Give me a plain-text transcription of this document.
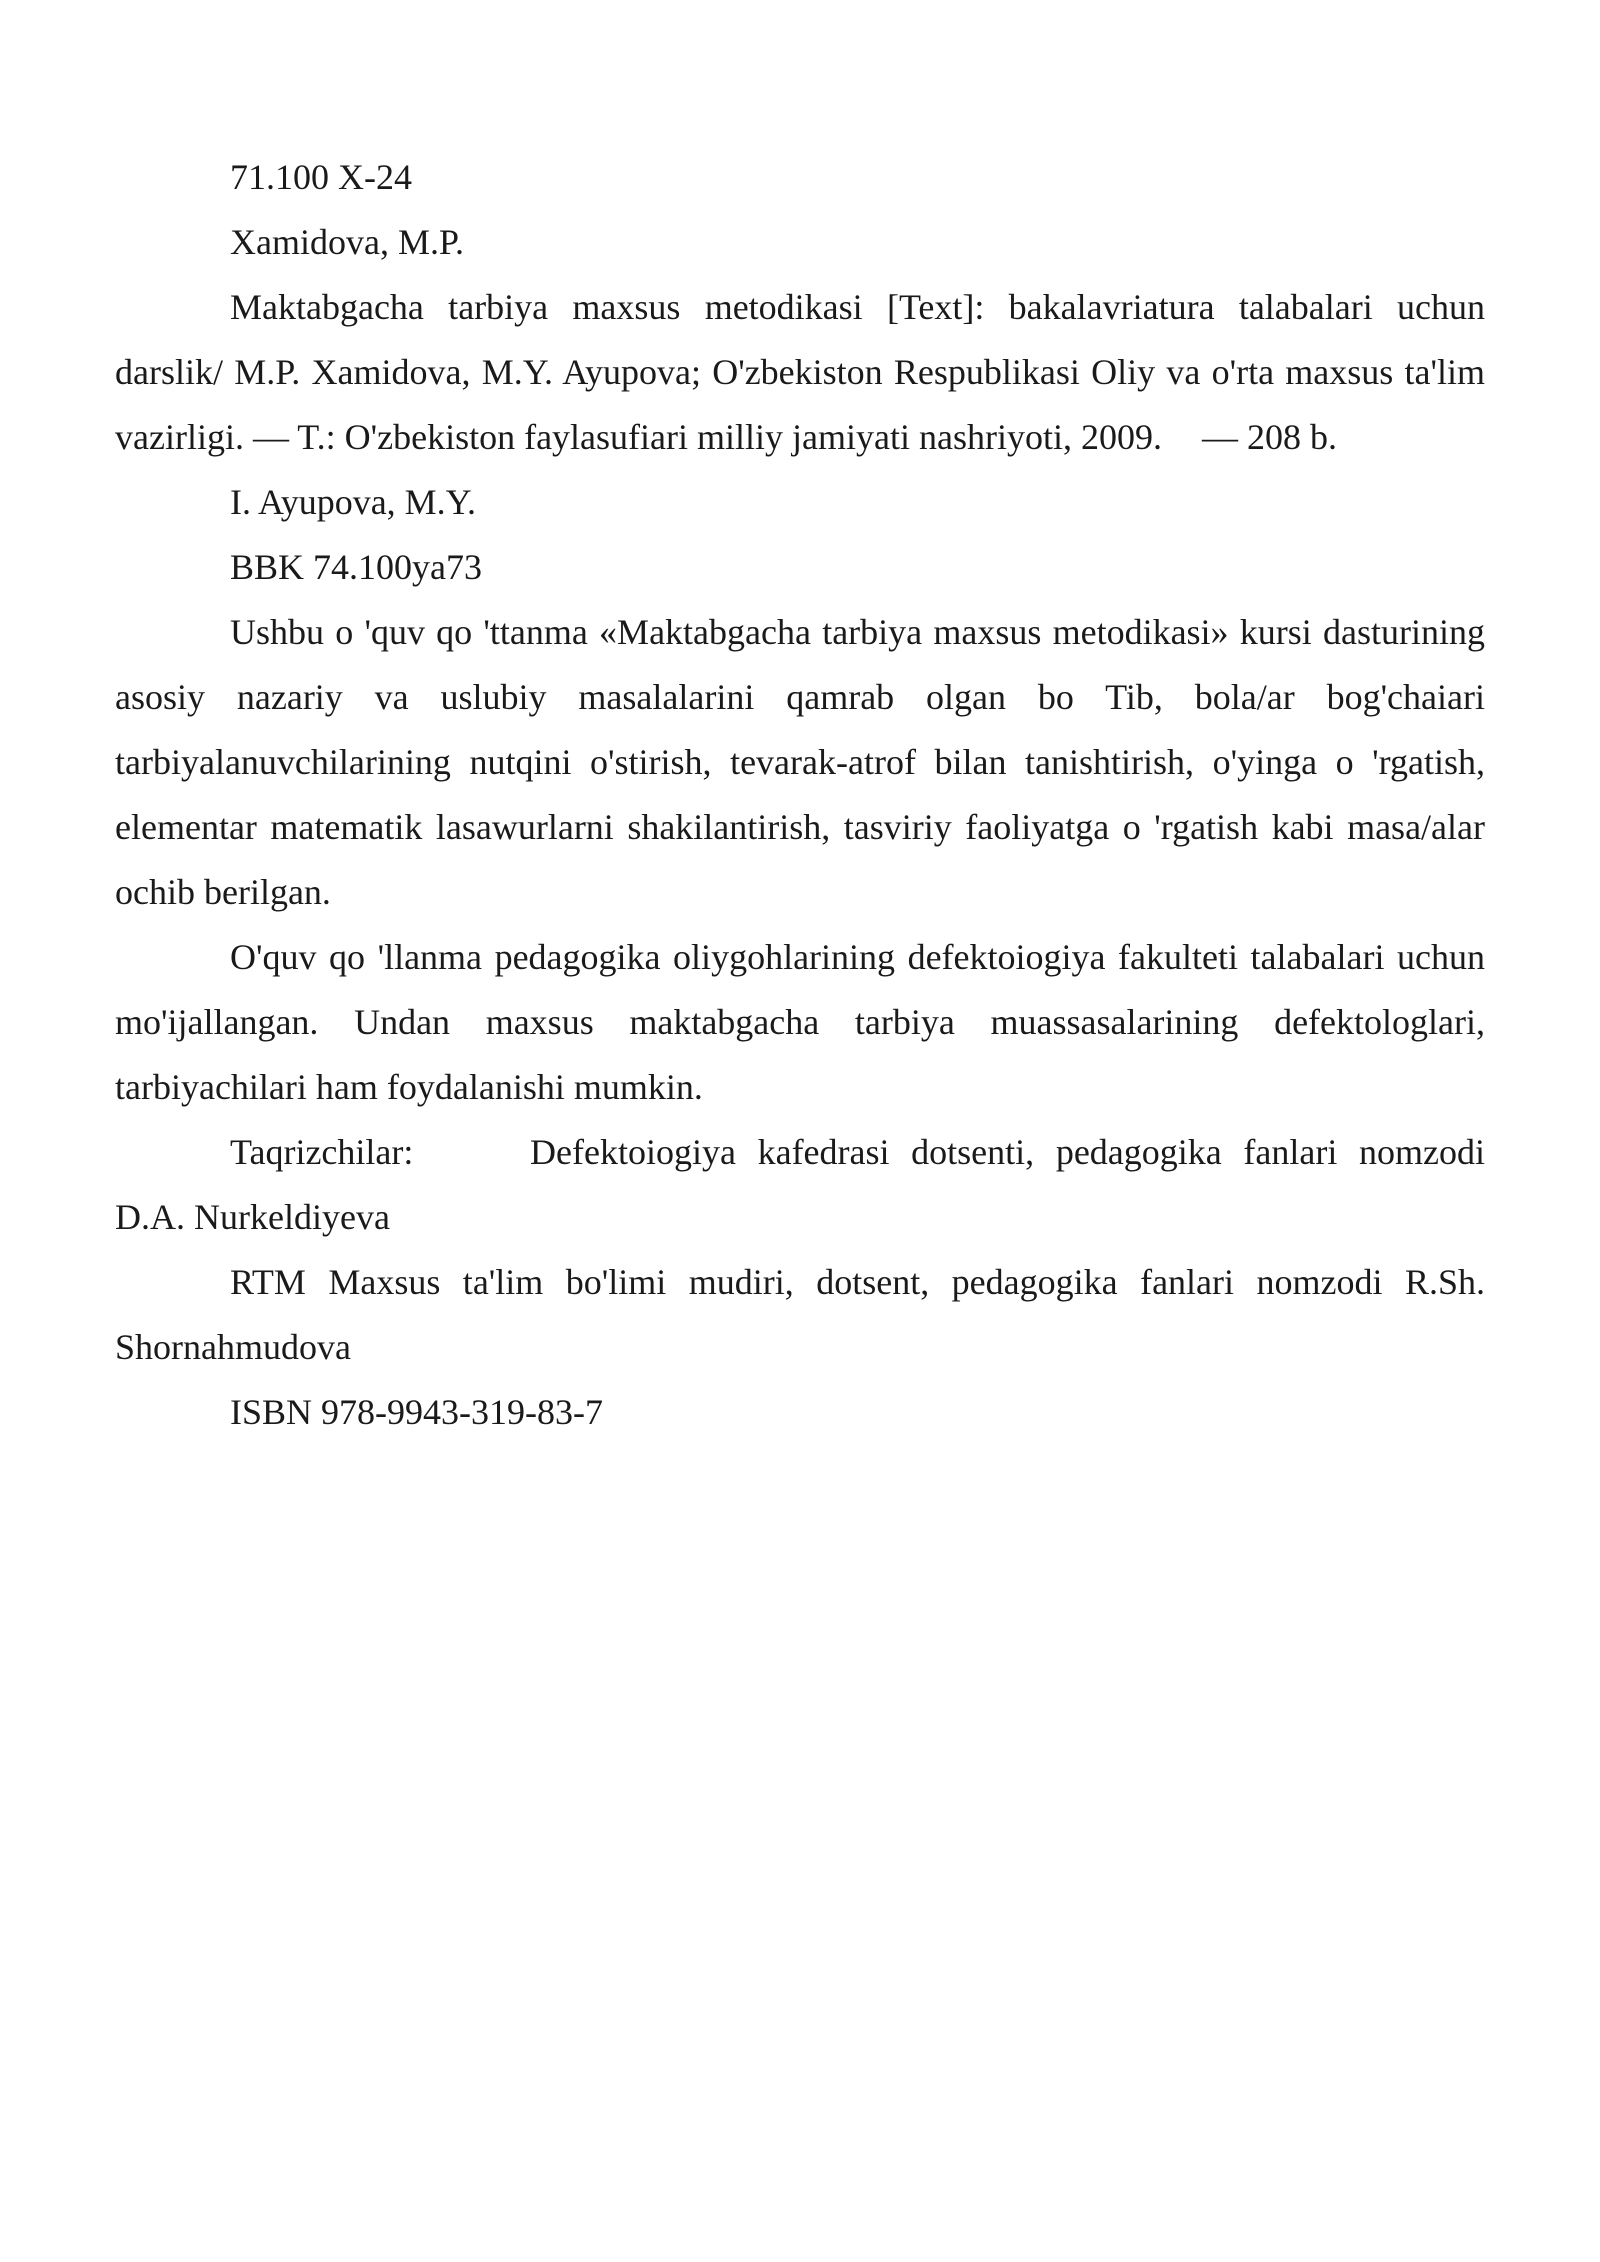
71.100 X-24

Xamidova, M.P.

Maktabgacha tarbiya maxsus metodikasi [Text]: bakalavriatura talabalari uchun darslik/ M.P. Xamidova, M.Y. Ayupova; O'zbekiston Respublikasi Oliy va o'rta maxsus ta'lim vazirligi. — T.: O'zbekiston faylasufiari milliy jamiyati nashriyoti, 2009. — 208 b.

I. Ayupova, M.Y.

BBK 74.100ya73

Ushbu o 'quv qo 'ttanma «Maktabgacha tarbiya maxsus metodikasi» kursi dasturining asosiy nazariy va uslubiy masalalarini qamrab olgan bo Tib, bola/ar bog'chaiari tarbiyalanuvchilarining nutqini o'stirish, tevarak-atrof bilan tanishtirish, o'yinga o 'rgatish, elementar matematik lasawurlarni shakilantirish, tasviriy faoliyatga o 'rgatish kabi masa/alar ochib berilgan.

O'quv qo 'llanma pedagogika oliygohlarining defektoiogiya fakulteti talabalari uchun mo'ijallangan. Undan maxsus maktabgacha tarbiya muassasalarining defektologlari, tarbiyachilari ham foydalanishi mumkin.

Taqrizchilar:	Defektoiogiya kafedrasi dotsenti, pedagogika fanlari nomzodi D.A. Nurkeldiyeva

RTM Maxsus ta'lim bo'limi mudiri, dotsent, pedagogika fanlari nomzodi R.Sh. Shornahmudova

ISBN 978-9943-319-83-7
